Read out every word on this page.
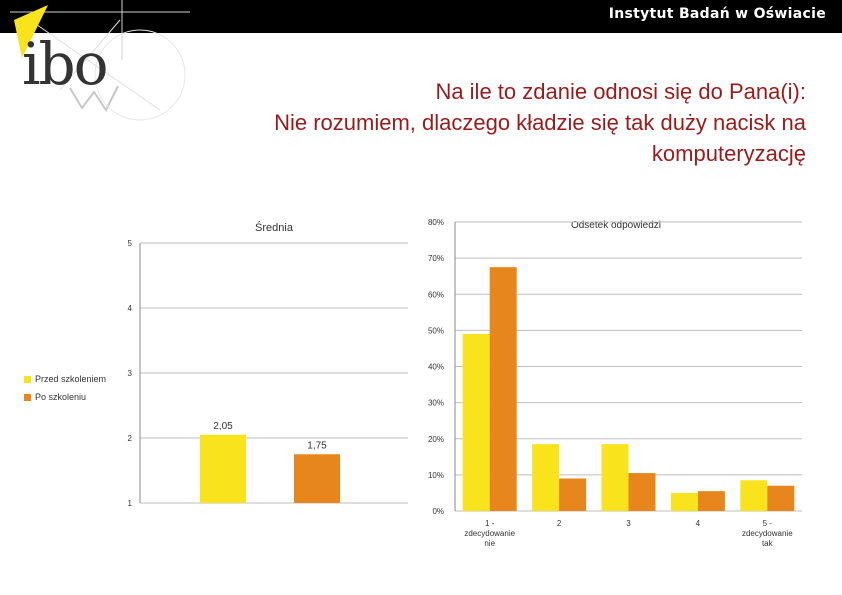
Instytut Badań w Oświacie
ibo	Na ile to zdanie odnosi się do Pana(i):
Nie rozumiem, dlaczego kładzie się tak duży nacisk na
komputeryzację
Przed szkoleniem
Po szkoleniu
Średnia
1
2
3
4
5
2,05
1,75
Odsetek odpowiedzi
0%
10%
20%
30%
40%
50%
60%
70%
80%
1 -
zdecydowanie
nie
2	3	4	5 -
zdecydowanie
tak
